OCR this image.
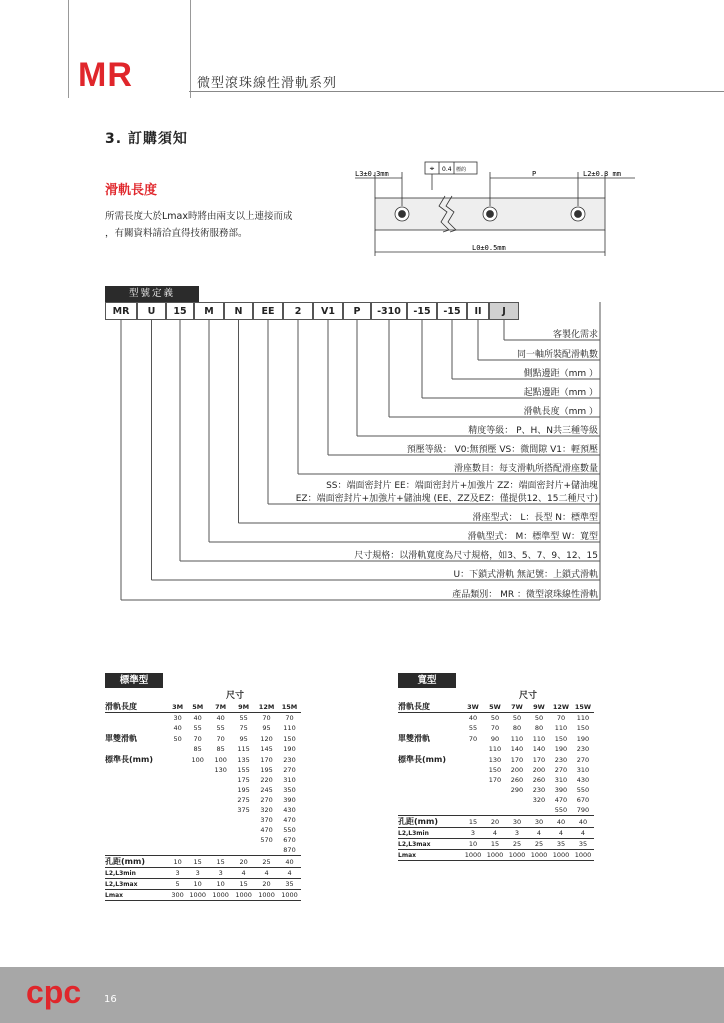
MR	微型滾珠線性滑軌系列
3. 訂購須知
滑軌長度
所需長度大於Lmax時將由兩支以上連接而成
，有關資料請洽直得技術服務部。
⌖
L3±0.3mm	P	L2±0.3 mm
0.4 標的
L0±0.5mm
型號定義
MR	U	15	M	N	EE	2	V1	P	-310	-15	-15	II	J
客製化需求
同一軸所裝配滑軌數
側點邊距（mm ）
起點邊距（mm ）
滑軌長度（mm ）
精度等級： P、H、N共三種等級
預壓等級： V0:無預壓 VS：微間隙 V1：輕預壓
滑座數目：每支滑軌所搭配滑座數量
SS：端面密封片 EE：端面密封片+加強片 ZZ：端面密封片+儲油塊
EZ：端面密封片+加強片+儲油塊 (EE、ZZ及EZ：僅提供12、15二種尺寸)
滑座型式： L：長型 N：標準型
滑軌型式： M：標準型 W：寬型
尺寸規格：以滑軌寬度為尺寸規格，如3、5、7、9、12、15
U：下鎖式滑軌 無記號：上鎖式滑軌
產品類別： MR ：微型滾珠線性滑軌
標準型
	尺寸					
滑軌長度	3M	5M	7M	9M	12M	15M
	30	40	40	55	70	70
	40	55	55	75	95	110
單雙滑軌	50	70	70	95	120	150
		85	85	115	145	190
標準長(mm)		100	100	135	170	230
			130	155	195	270
				175	220	310
				195	245	350
				275	270	390
				375	320	430
					370	470
					470	550
					570	670
						870
孔距(mm)	10	15	15	20	25	40
L2,L3min	3	3	3	4	4	4
L2,L3max	5	10	10	15	20	35
Lmax	300	1000	1000	1000	1000	1000
寬型
	尺寸					
滑軌長度	3W	5W	7W	9W	12W	15W
	40	50	50	50	70	110
	55	70	80	80	110	150
單雙滑軌	70	90	110	110	150	190
		110	140	140	190	230
標準長(mm)		130	170	170	230	270
		150	200	200	270	310
		170	260	260	310	430
			290	230	390	550
				320	470	670
					550	790
孔距(mm)	15	20	30	30	40	40
L2,L3min	3	4	3	4	4	4
L2,L3max	10	15	25	25	35	35
Lmax	1000	1000	1000	1000	1000	1000
cpc 16
